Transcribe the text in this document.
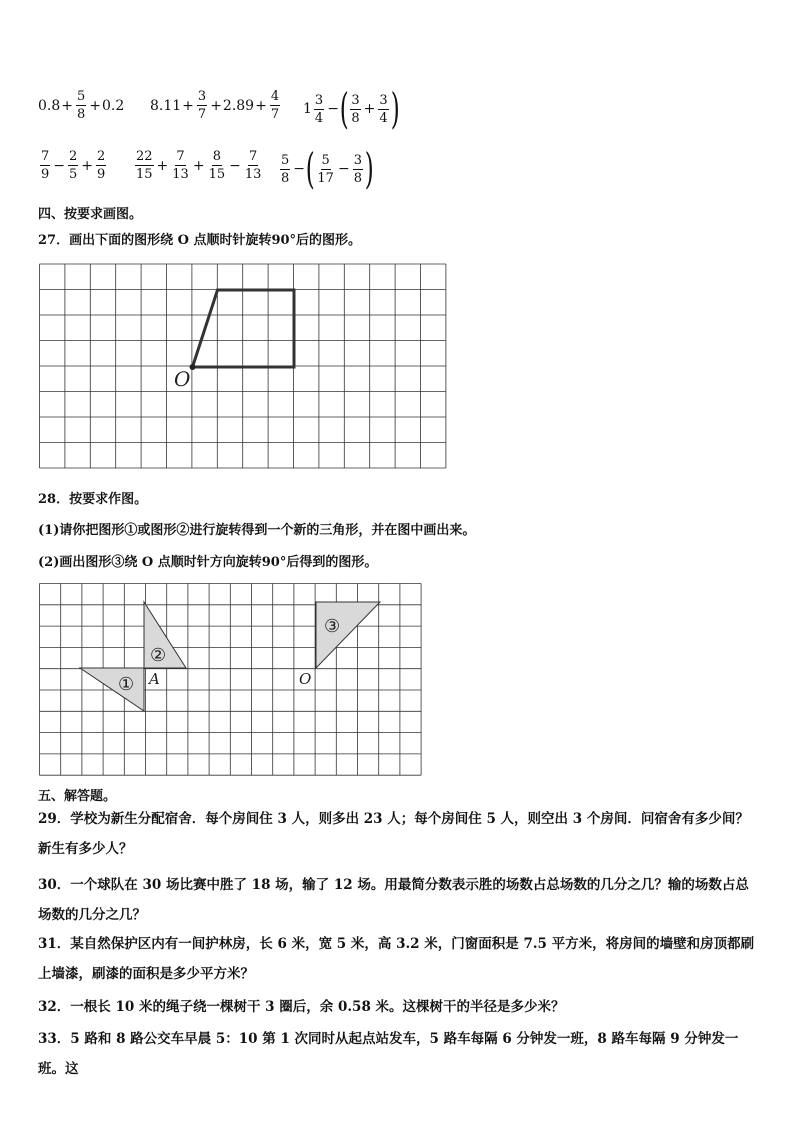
$0.8 + \frac{5}{8} + 0.2$ $8.11 + \frac{3}{7} + 2.89 + \frac{4}{7} 1 \frac{3}{4}$ − ( $\frac{3}{8} + \frac{3}{4}$ )
$\frac{7}{9} - \frac{2}{5} + \frac{2}{9} \frac{22}{15} + \frac{7}{13} + \frac{8}{15} - \frac{7}{13} \frac{5}{8}$ − ( $\frac{5}{17} - \frac{3}{8}$ )
四、按要求画图。
27．画出下面的图形绕 O 点顺时针旋转90°后的图形。
O
28．按要求作图。
(1)请你把图形①或图形②进行旋转得到一个新的三角形，并在图中画出来。
(2)画出图形③绕 O 点顺时针方向旋转90°后得到的图形。
①
②
③
A	O
五、解答题。
29．学校为新生分配宿舍．每个房间住 3 人，则多出 23 人；每个房间住 5 人，则空出 3 个房间．问宿舍有多少间？新生有多少人？
30．一个球队在 30 场比赛中胜了 18 场，输了 12 场。用最简分数表示胜的场数占总场数的几分之几？输的场数占总场数的几分之几？
31．某自然保护区内有一间护林房，长 6 米，宽 5 米，高 3.2 米，门窗面积是 7.5 平方米，将房间的墙壁和房顶都刷上墙漆，刷漆的面积是多少平方米？
32．一根长 10 米的绳子绕一棵树干 3 圈后，余 0.58 米。这棵树干的半径是多少米？
33．5 路和 8 路公交车早晨 5：10 第 1 次同时从起点站发车，5 路车每隔 6 分钟发一班，8 路车每隔 9 分钟发一班。这
